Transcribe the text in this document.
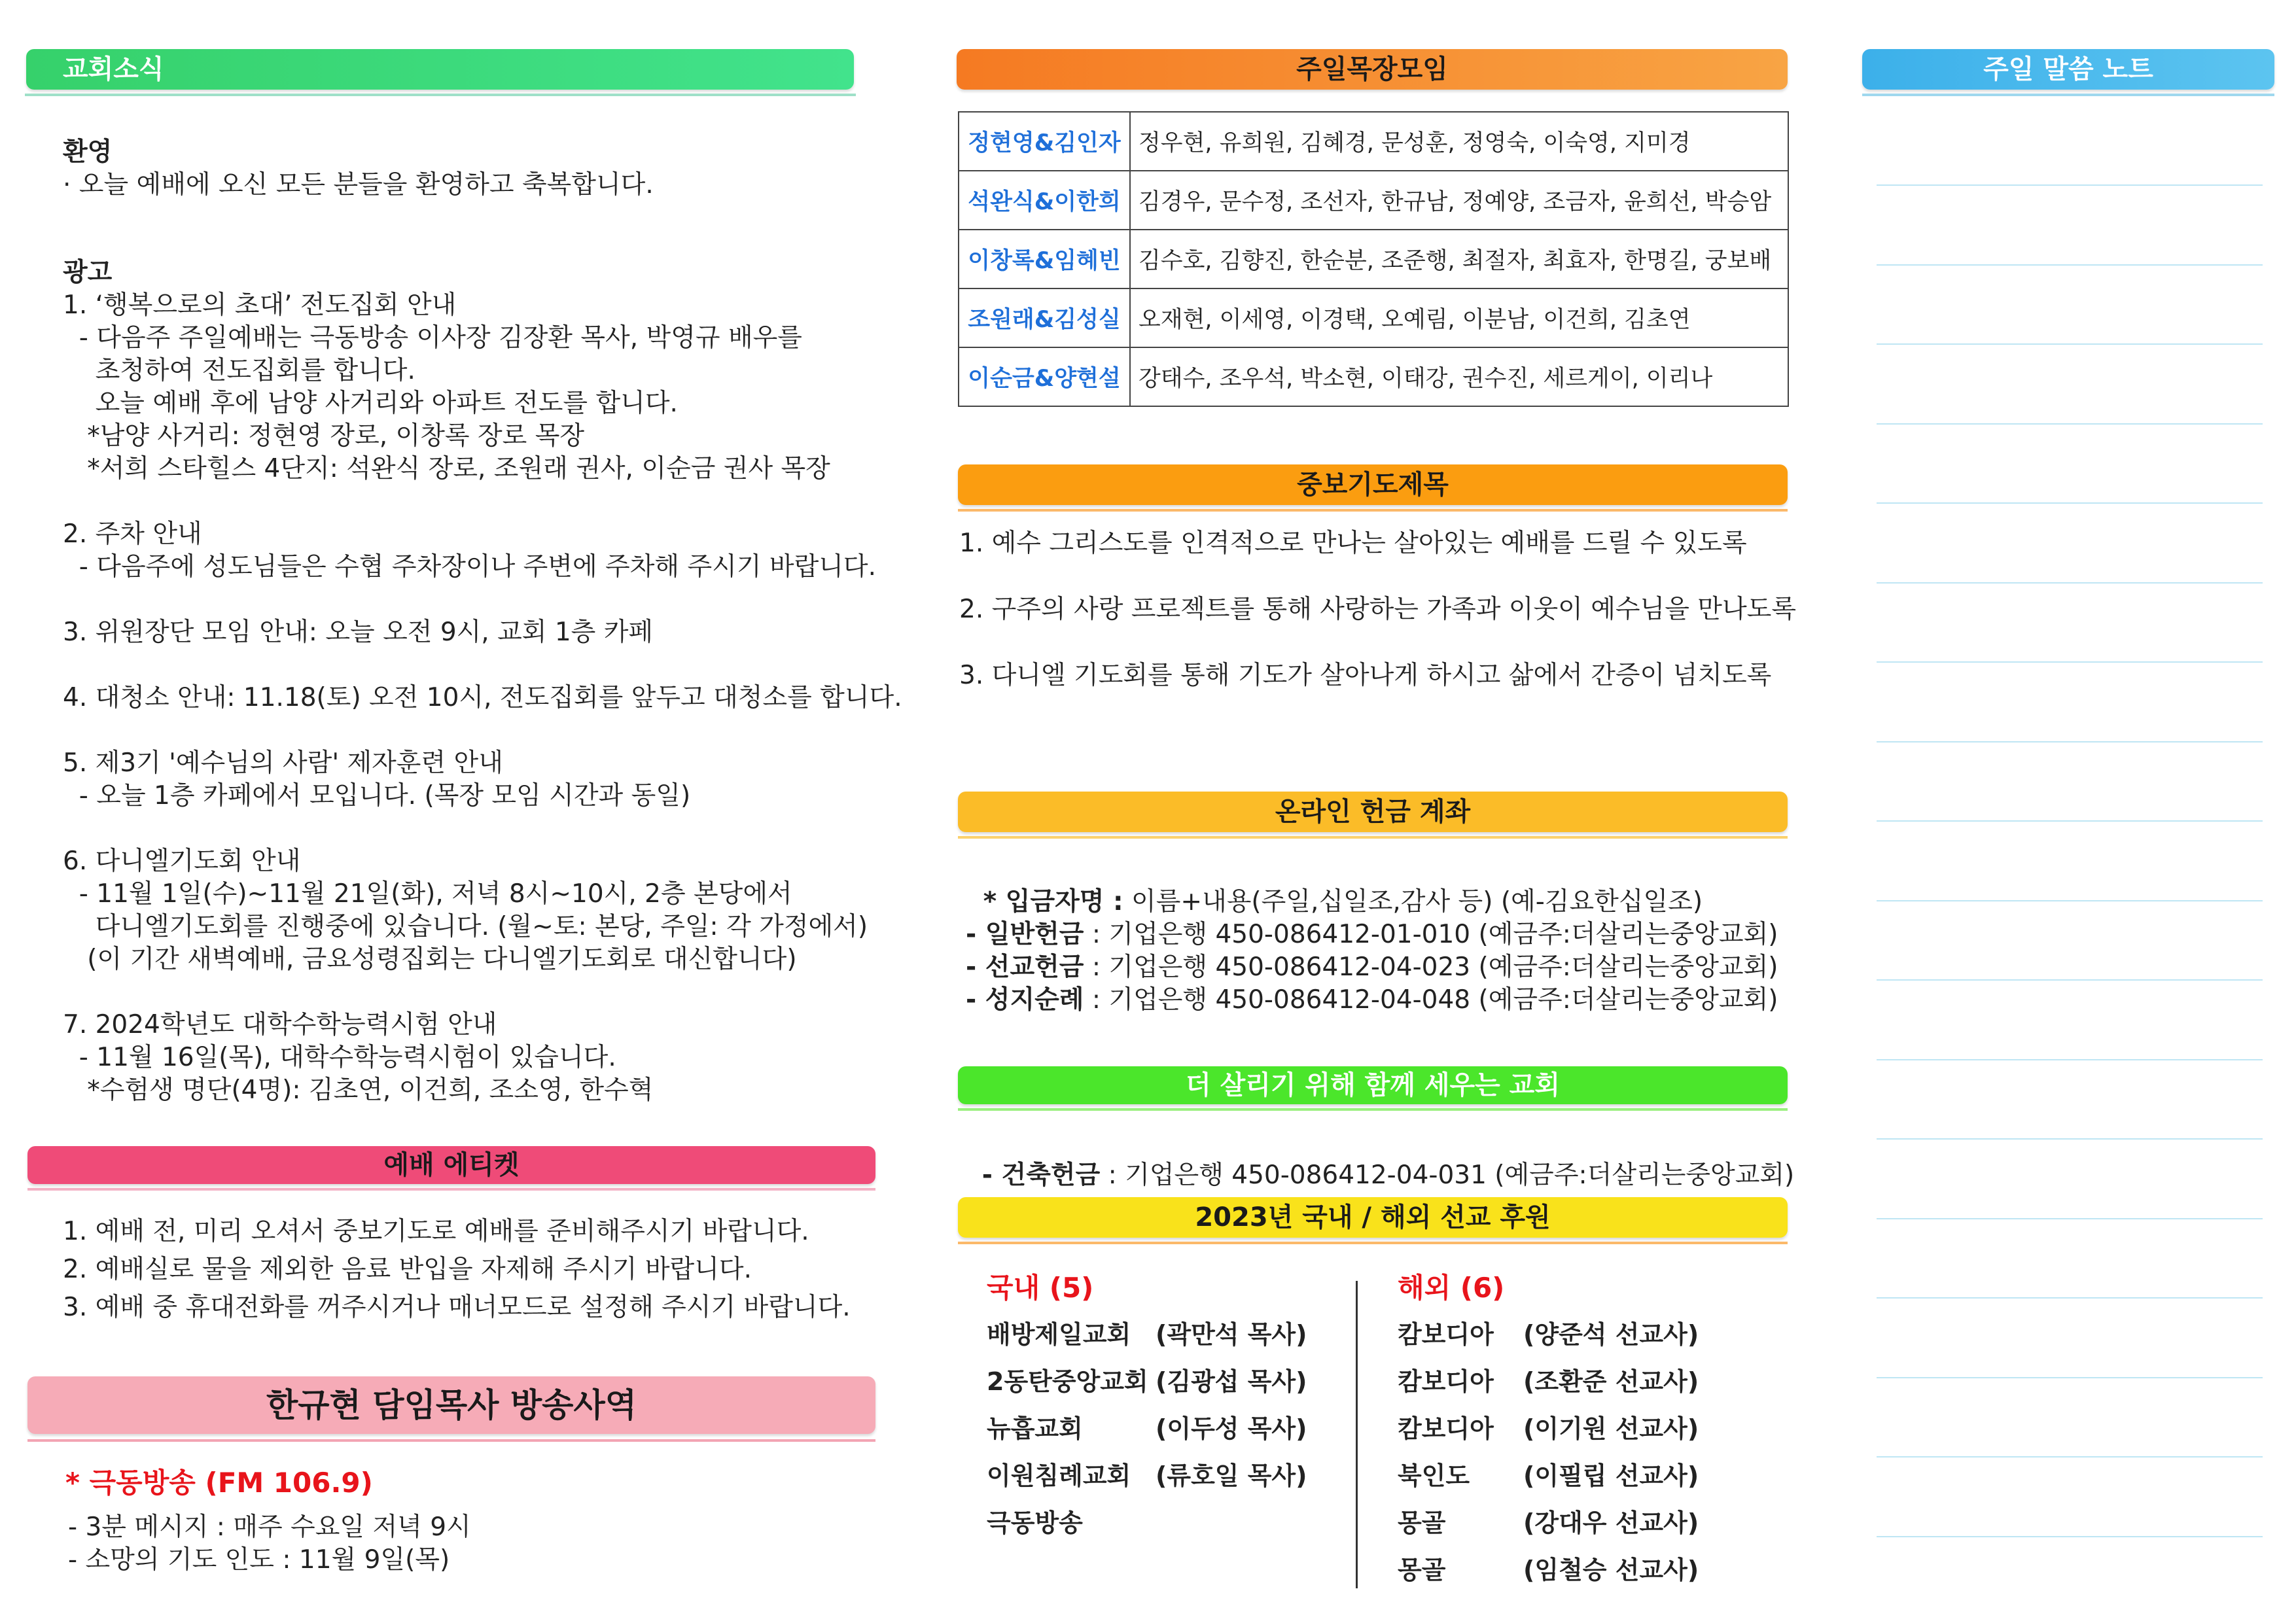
교회소식
환영
· 오늘 예배에 오신 모든 분들을 환영하고 축복합니다.
광고
1. ‘행복으로의 초대’ 전도집회 안내
- 다음주 주일예배는 극동방송 이사장 김장환 목사, 박영규 배우를
초청하여 전도집회를 합니다.
오늘 예배 후에 남양 사거리와 아파트 전도를 합니다.
*남양 사거리: 정현영 장로, 이창록 장로 목장
*서희 스타힐스 4단지: 석완식 장로, 조원래 권사, 이순금 권사 목장
2. 주차 안내
- 다음주에 성도님들은 수협 주차장이나 주변에 주차해 주시기 바랍니다.
3. 위원장단 모임 안내: 오늘 오전 9시, 교회 1층 카페
4. 대청소 안내: 11.18(토) 오전 10시, 전도집회를 앞두고 대청소를 합니다.
5. 제3기 '예수님의 사람' 제자훈련 안내
- 오늘 1층 카페에서 모입니다. (목장 모임 시간과 동일)
6. 다니엘기도회 안내
- 11월 1일(수)~11월 21일(화), 저녁 8시~10시, 2층 본당에서
다니엘기도회를 진행중에 있습니다. (월~토: 본당, 주일: 각 가정에서)
(이 기간 새벽예배, 금요성령집회는 다니엘기도회로 대신합니다)
7. 2024학년도 대학수학능력시험 안내
- 11월 16일(목), 대학수학능력시험이 있습니다.
*수험생 명단(4명): 김초연, 이건희, 조소영, 한수혁
예배 에티켓
1. 예배 전, 미리 오셔서 중보기도로 예배를 준비해주시기 바랍니다.
2. 예배실로 물을 제외한 음료 반입을 자제해 주시기 바랍니다.
3. 예배 중 휴대전화를 꺼주시거나 매너모드로 설정해 주시기 바랍니다.
한규현 담임목사 방송사역
* 극동방송 (FM 106.9)
- 3분 메시지 : 매주 수요일 저녁 9시
- 소망의 기도 인도 : 11월 9일(목)
주일목장모임
정현영&김인자	정우현, 유희원, 김혜경, 문성훈, 정영숙, 이숙영, 지미경
석완식&이한희	김경우, 문수정, 조선자, 한규남, 정예양, 조금자, 윤희선, 박승암
이창록&임혜빈	김수호, 김향진, 한순분, 조준행, 최절자, 최효자, 한명길, 궁보배
조원래&김성실	오재현, 이세영, 이경택, 오예림, 이분남, 이건희, 김초연
이순금&양현설	강태수, 조우석, 박소현, 이태강, 권수진, 세르게이, 이리나
중보기도제목
1. 예수 그리스도를 인격적으로 만나는 살아있는 예배를 드릴 수 있도록
2. 구주의 사랑 프로젝트를 통해 사랑하는 가족과 이웃이 예수님을 만나도록
3. 다니엘 기도회를 통해 기도가 살아나게 하시고 삶에서 간증이 넘치도록
온라인 헌금 계좌

* 입금자명 : 이름+내용(주일,십일조,감사 등) (예-김요한십일조)

- 일반헌금 : 기업은행 450-086412-01-010 (예금주:더살리는중앙교회)
- 선교헌금 : 기업은행 450-086412-04-023 (예금주:더살리는중앙교회)
- 성지순례 : 기업은행 450-086412-04-048 (예금주:더살리는중앙교회)
더 살리기 위해 함께 세우는 교회

- 건축헌금 : 기업은행 450-086412-04-031 (예금주:더살리는중앙교회)

2023년 국내 / 해외 선교 후원
국내 (5)
배방제일교회 (곽만석 목사)
2동탄중앙교회 (김광섭 목사)
뉴흡교회	(이두성 목사)
이원침례교회 (류호일 목사)
극동방송
해외 (6)
캄보디아 (양준석 선교사)
캄보디아 (조환준 선교사)
캄보디아 (이기원 선교사)
북인도 (이필립 선교사)
몽골	(강대우 선교사)
몽골	(임철승 선교사)
주일 말씀 노트
